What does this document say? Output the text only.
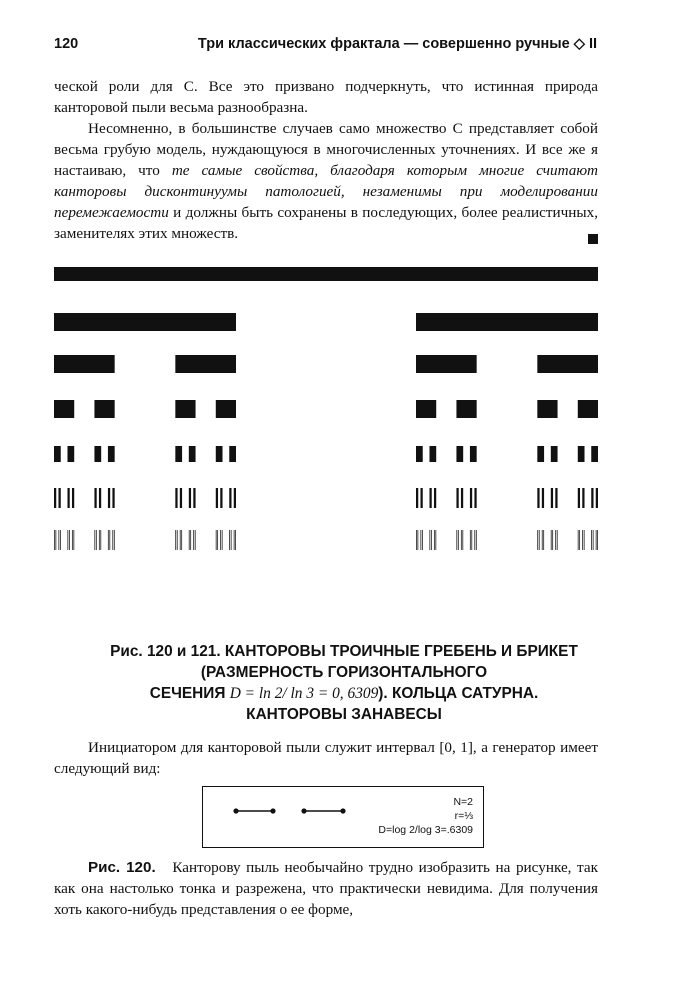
120	Три классических фрактала — совершенно ручные ◇ II

ческой роли для C. Все это призвано подчеркнуть, что истинная природа канторовой пыли весьма разнообразна.

Несомненно, в большинстве случаев само множество C представляет собой весьма грубую модель, нуждающуюся в многочисленных уточнениях. И все же я настаиваю, что те самые свойства, благодаря которым многие считают канторовы дисконтинуумы патологией, незаменимы при моделировании перемежаемости и должны быть сохранены в последующих, более реалистичных, заменителях этих множеств.

Рис. 120 и 121. КАНТОРОВЫ ТРОИЧНЫЕ ГРЕБЕНЬ И БРИКЕТ
(РАЗМЕРНОСТЬ ГОРИЗОНТАЛЬНОГО
СЕЧЕНИЯ D = ln 2/ ln 3 = 0, 6309). КОЛЬЦА САТУРНА.
КАНТОРОВЫ ЗАНАВЕСЫ

Инициатором для канторовой пыли служит интервал [0, 1], а генератор имеет следующий вид:

N=2
r=⅓
D=log 2/log 3=.6309

Рис. 120. Канторову пыль необычайно трудно изобразить на рисунке, так как она настолько тонка и разрежена, что практически невидима. Для получения хоть какого-нибудь представления о ее форме,
